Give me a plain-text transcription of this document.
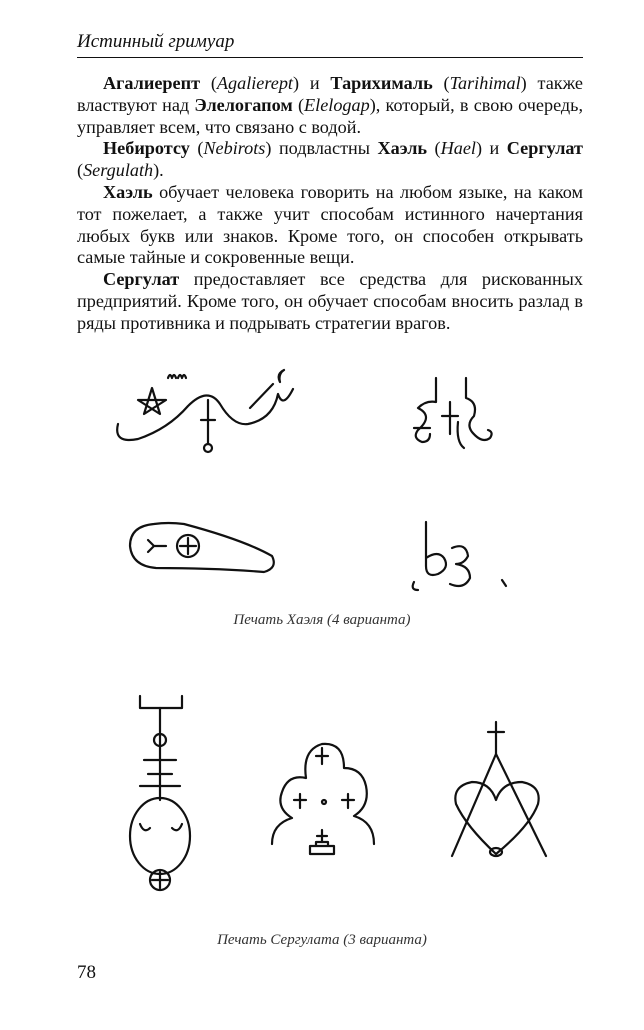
Истинный гримуар

Агалиерепт (Agalierept) и Тарихималь (Tarihimal) также властвуют над Элелогапом (Elelogap), который, в свою очередь, управляет всем, что связано с водой.

Небиротсу (Nebirots) подвластны Хаэль (Hael) и Сергулат (Sergulath).

Хаэль обучает человека говорить на любом языке, на каком тот пожелает, а также учит способам истинного начертания любых букв или знаков. Кроме того, он способен открывать самые тайные и сокровенные вещи.

Сергулат предоставляет все средства для рискованных предприятий. Кроме того, он обучает способам вносить разлад в ряды противника и подрывать стратегии врагов.

Печать Хаэля (4 варианта)
Печать Сергулата (3 варианта)
78
